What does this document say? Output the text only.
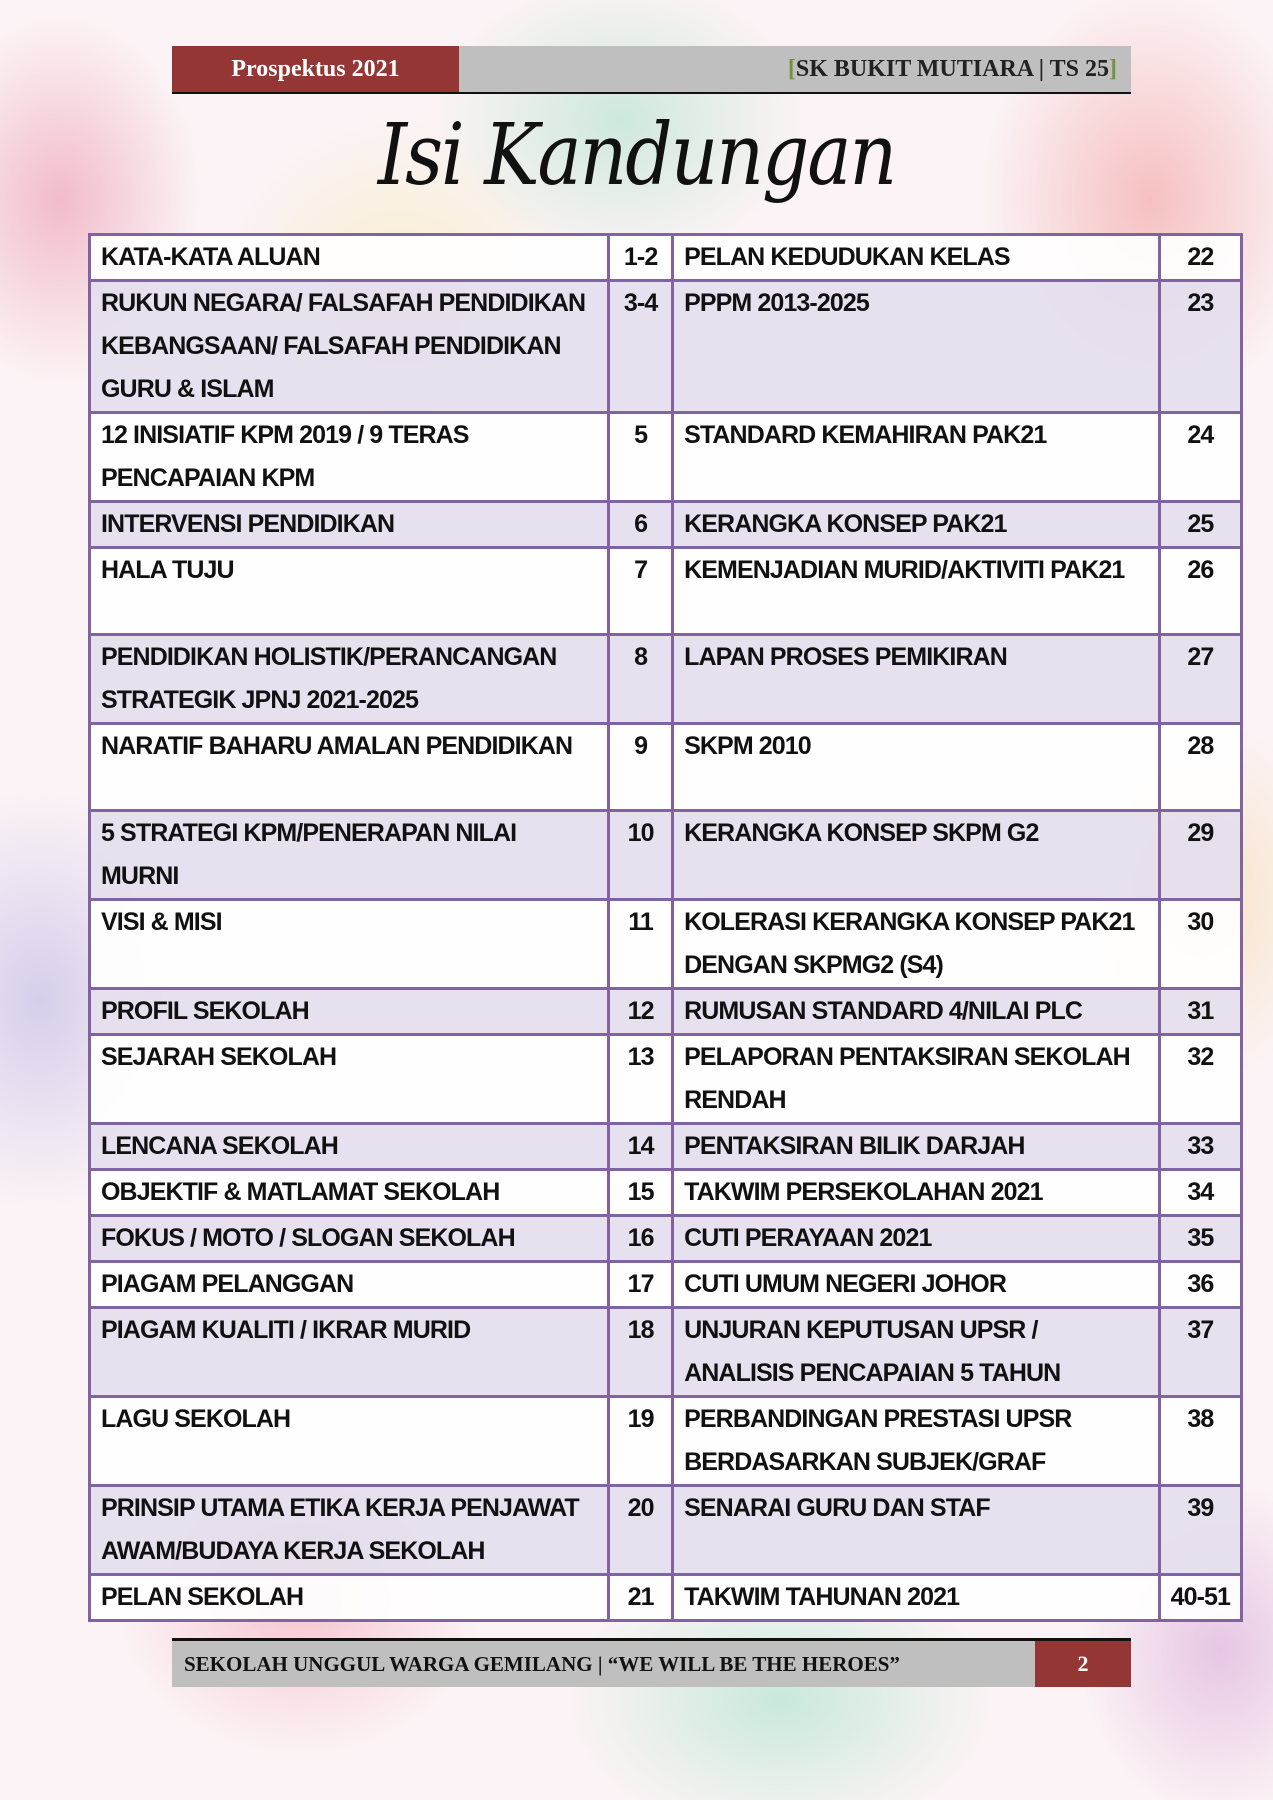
Prospektus 2021	[ SK BUKIT MUTIARA | TS 25 ]
Isi Kandungan
KATA-KATA ALUAN	1-2	PELAN KEDUDUKAN KELAS	22
RUKUN NEGARA/ FALSAFAH PENDIDIKAN KEBANGSAAN/ FALSAFAH PENDIDIKAN GURU & ISLAM	3-4	PPPM 2013-2025	23
12 INISIATIF KPM 2019 / 9 TERAS PENCAPAIAN KPM	5	STANDARD KEMAHIRAN PAK21	24
INTERVENSI PENDIDIKAN	6	KERANGKA KONSEP PAK21	25
HALA TUJU	7	KEMENJADIAN MURID/AKTIVITI PAK21	26
PENDIDIKAN HOLISTIK/PERANCANGAN STRATEGIK JPNJ 2021-2025	8	LAPAN PROSES PEMIKIRAN	27
NARATIF BAHARU AMALAN PENDIDIKAN	9	SKPM 2010	28
5 STRATEGI KPM/PENERAPAN NILAI MURNI	10	KERANGKA KONSEP SKPM G2	29
VISI & MISI	11	KOLERASI KERANGKA KONSEP PAK21 DENGAN SKPMG2 (S4)	30
PROFIL SEKOLAH	12	RUMUSAN STANDARD 4/NILAI PLC	31
SEJARAH SEKOLAH	13	PELAPORAN PENTAKSIRAN SEKOLAH RENDAH	32
LENCANA SEKOLAH	14	PENTAKSIRAN BILIK DARJAH	33
OBJEKTIF & MATLAMAT SEKOLAH	15	TAKWIM PERSEKOLAHAN 2021	34
FOKUS / MOTO / SLOGAN SEKOLAH	16	CUTI PERAYAAN 2021	35
PIAGAM PELANGGAN	17	CUTI UMUM NEGERI JOHOR	36
PIAGAM KUALITI / IKRAR MURID	18	UNJURAN KEPUTUSAN UPSR / ANALISIS PENCAPAIAN 5 TAHUN	37
LAGU SEKOLAH	19	PERBANDINGAN PRESTASI UPSR BERDASARKAN SUBJEK/GRAF	38
PRINSIP UTAMA ETIKA KERJA PENJAWAT AWAM/BUDAYA KERJA SEKOLAH	20	SENARAI GURU DAN STAF	39
PELAN SEKOLAH	21	TAKWIM TAHUNAN 2021	40-51
SEKOLAH UNGGUL WARGA GEMILANG | “WE WILL BE THE HEROES”	2
